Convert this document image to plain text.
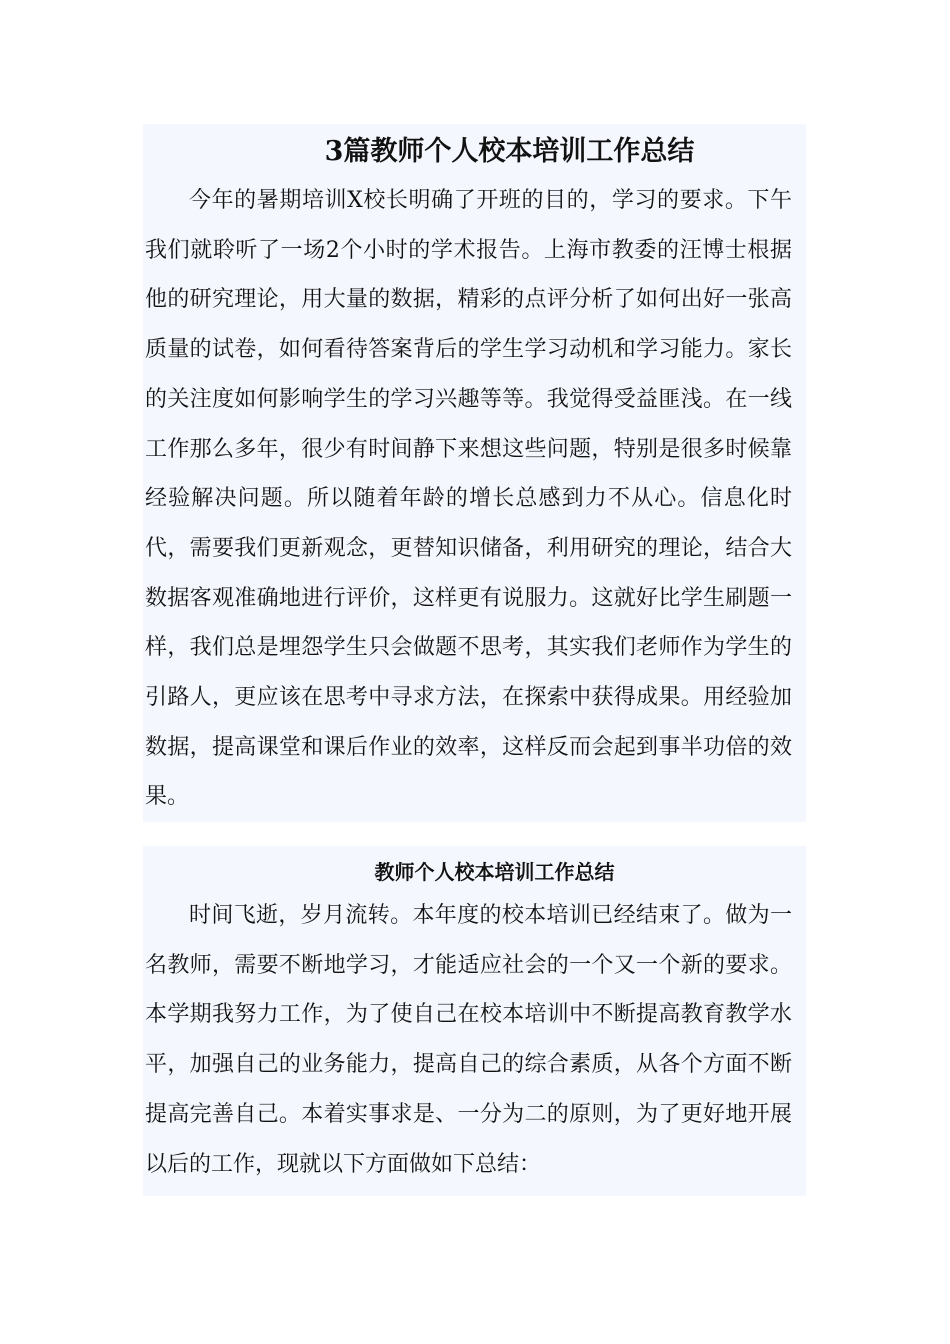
3篇教师个人校本培训工作总结

今年的暑期培训X校长明确了开班的目的，学习的要求。下午我们就聆听了一场2个小时的学术报告。上海市教委的汪博士根据他的研究理论，用大量的数据，精彩的点评分析了如何出好一张高质量的试卷，如何看待答案背后的学生学习动机和学习能力。家长的关注度如何影响学生的学习兴趣等等。我觉得受益匪浅。在一线工作那么多年，很少有时间静下来想这些问题，特别是很多时候靠经验解决问题。所以随着年龄的增长总感到力不从心。信息化时代，需要我们更新观念，更替知识储备，利用研究的理论，结合大数据客观准确地进行评价，这样更有说服力。这就好比学生刷题一样，我们总是埋怨学生只会做题不思考，其实我们老师作为学生的引路人，更应该在思考中寻求方法，在探索中获得成果。用经验加数据，提高课堂和课后作业的效率，这样反而会起到事半功倍的效果。

教师个人校本培训工作总结

时间飞逝，岁月流转。本年度的校本培训已经结束了。做为一名教师，需要不断地学习，才能适应社会的一个又一个新的要求。本学期我努力工作，为了使自己在校本培训中不断提高教育教学水平，加强自己的业务能力，提高自己的综合素质，从各个方面不断提高完善自己。本着实事求是、一分为二的原则，为了更好地开展以后的工作，现就以下方面做如下总结：
